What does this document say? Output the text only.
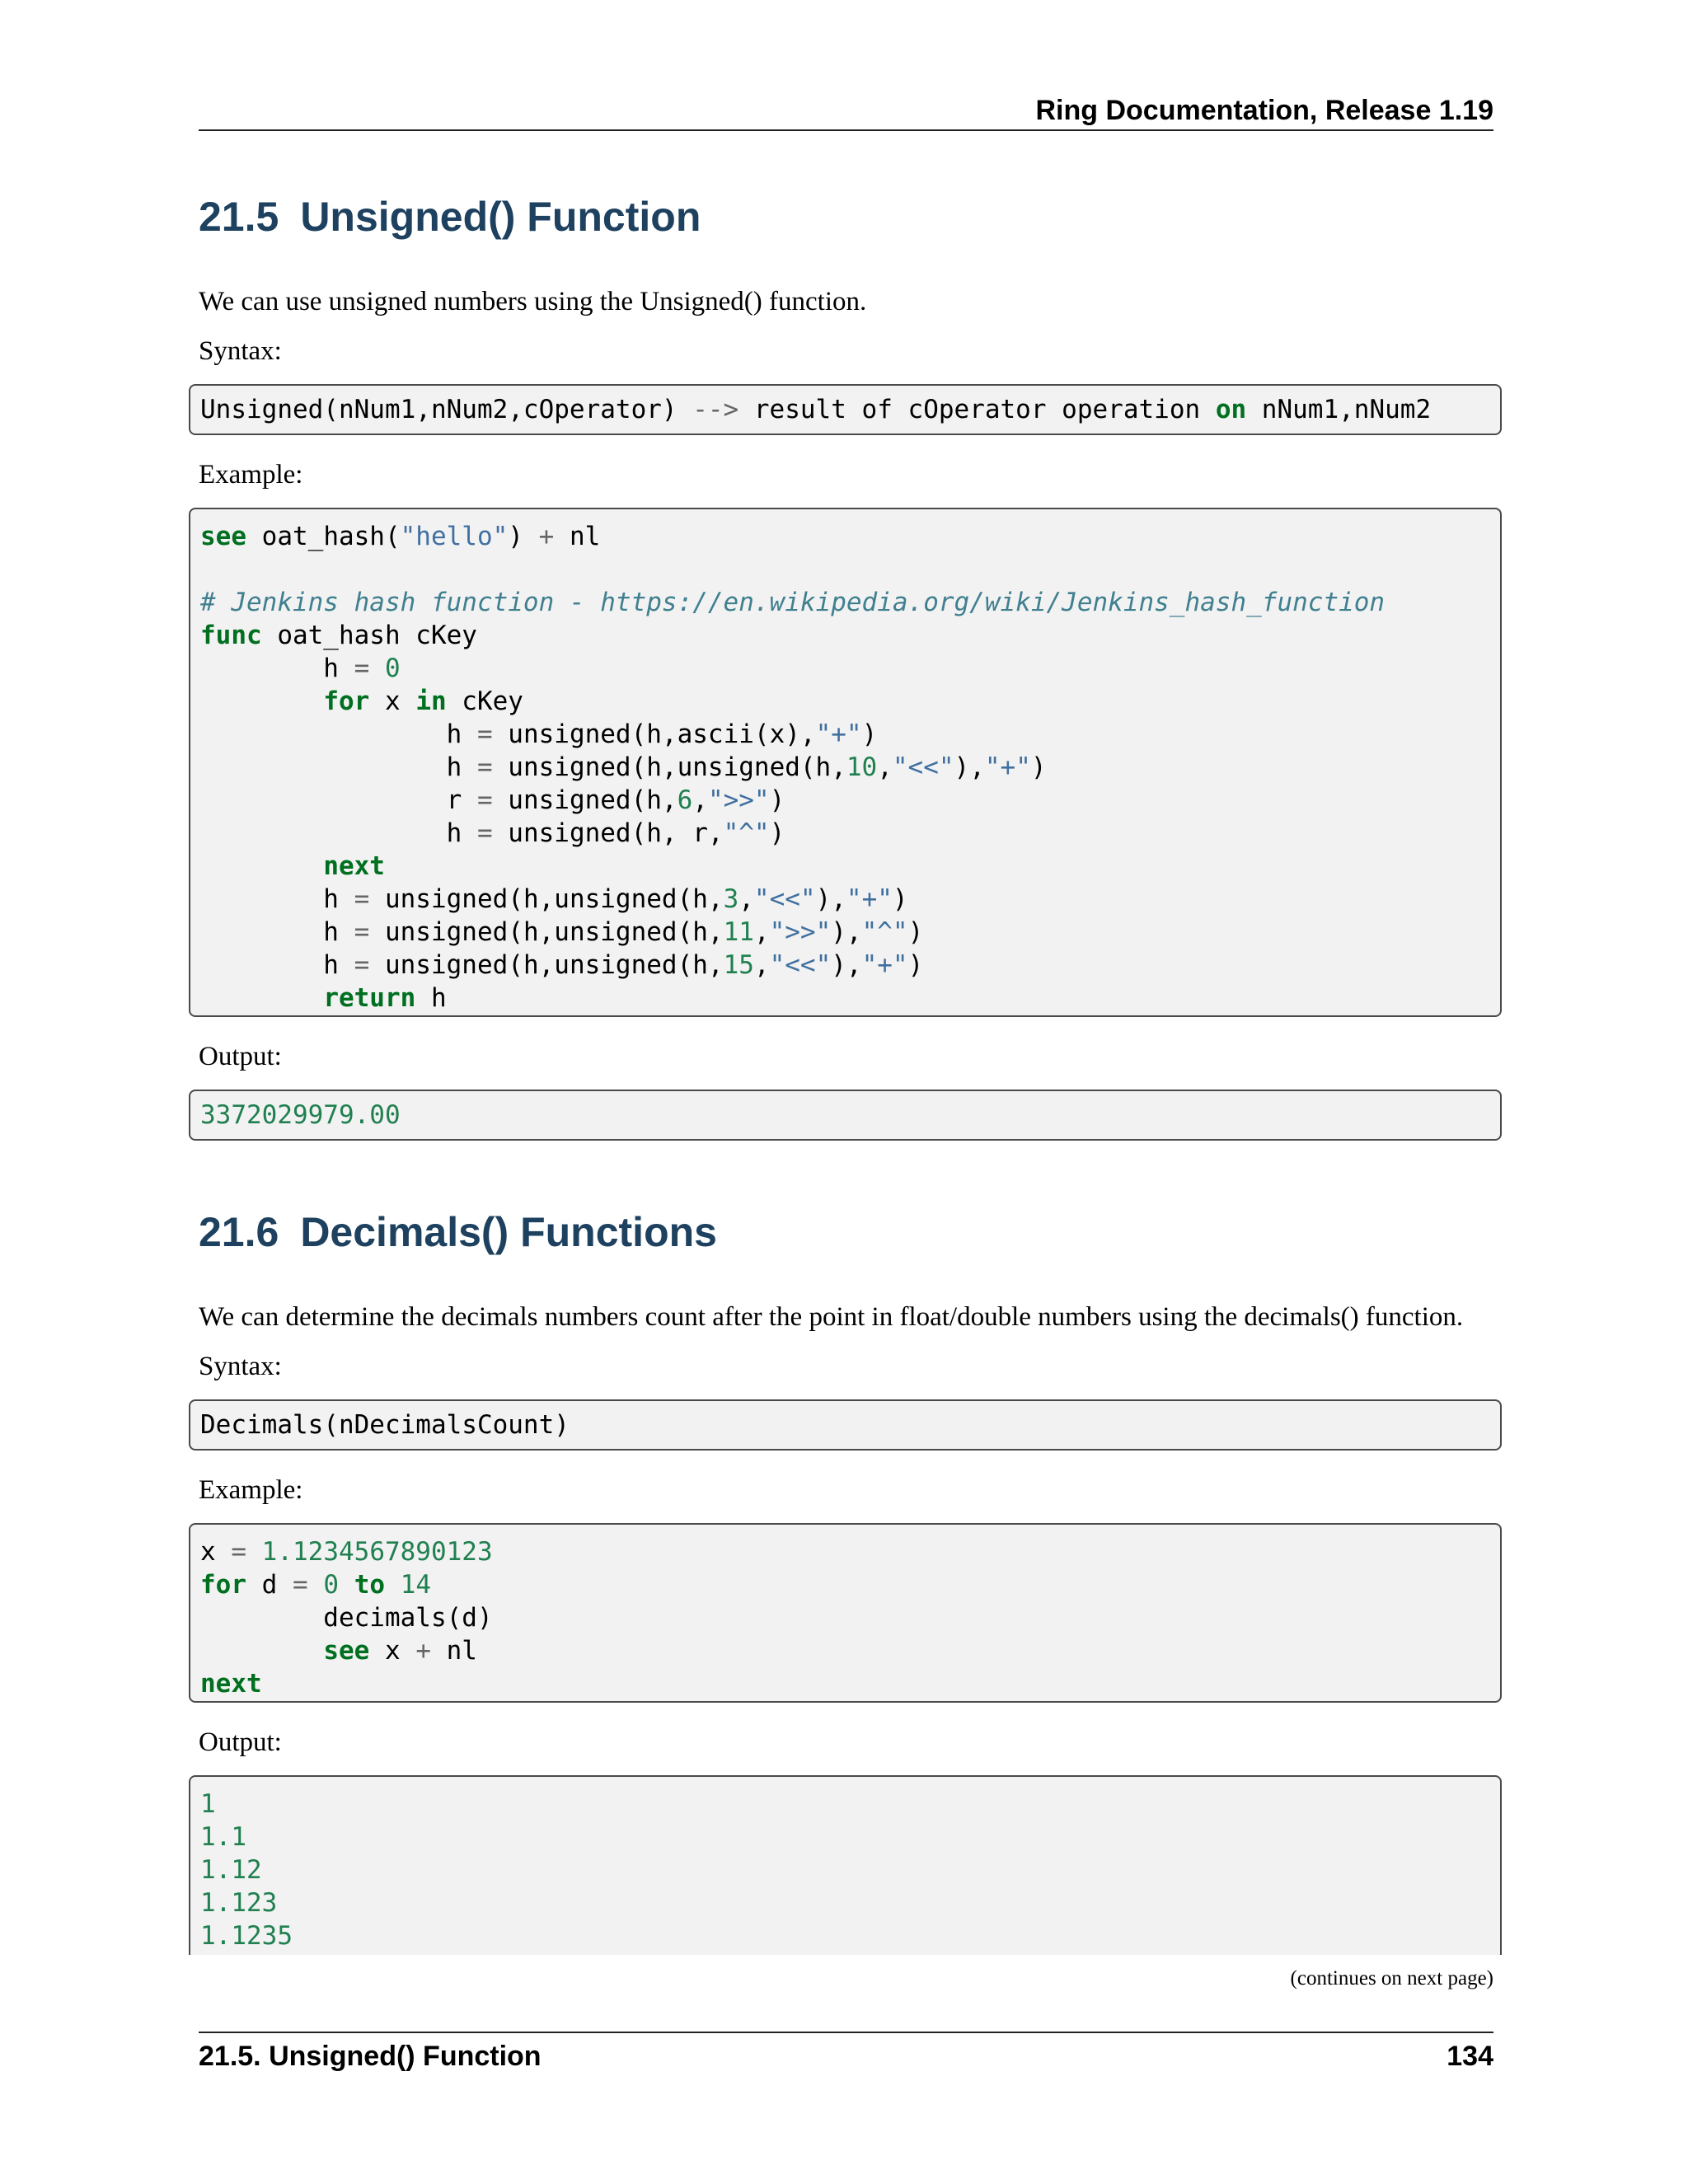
Ring Documentation, Release 1.19
21.5 Unsigned() Function

We can use unsigned numbers using the Unsigned() function.

Syntax:

Unsigned(nNum1,nNum2,cOperator) --> result of cOperator operation on nNum1,nNum2

Example:

see oat_hash("hello") + nl
# Jenkins hash function - https://en.wikipedia.org/wiki/Jenkins_hash_function
func oat_hash cKey
h = 0
for x in cKey
h = unsigned(h,ascii(x),"+")
h = unsigned(h,unsigned(h,10,"<<"),"+")
r = unsigned(h,6,">>")
h = unsigned(h, r,"^")
next
h = unsigned(h,unsigned(h,3,"<<"),"+")
h = unsigned(h,unsigned(h,11,">>"),"^")
h = unsigned(h,unsigned(h,15,"<<"),"+")
return h

Output:

3372029979.00
21.6 Decimals() Functions

We can determine the decimals numbers count after the point in float/double numbers using the decimals() function.

Syntax:

Decimals(nDecimalsCount)

Example:

x = 1.1234567890123
for d = 0 to 14
decimals(d)
see x + nl
next

Output:

1
1.1
1.12
1.123
1.1235
(continues on next page)
21.5. Unsigned() Function	134
